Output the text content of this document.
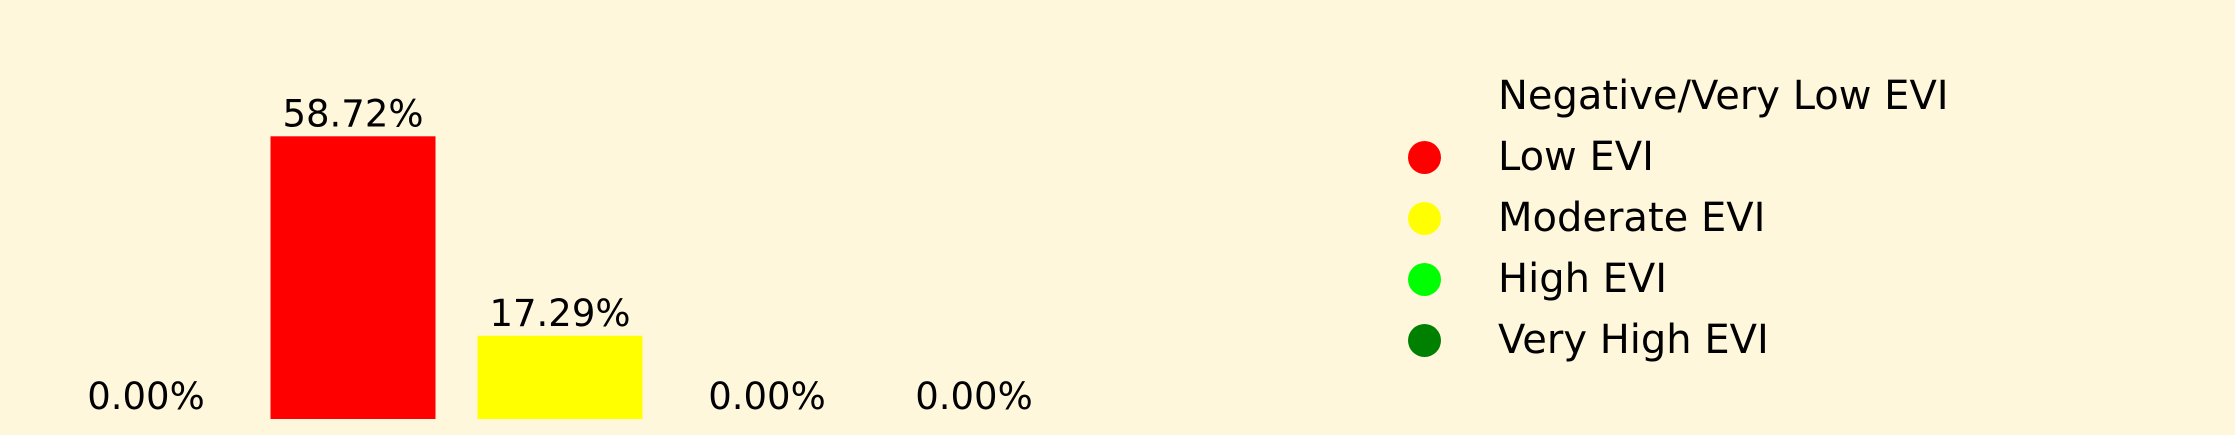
0.00%
58.72%
17.29%
0.00% 0.00%
Negative/Very Low EVI
Low EVI
Moderate EVI
High EVI
Very High EVI
